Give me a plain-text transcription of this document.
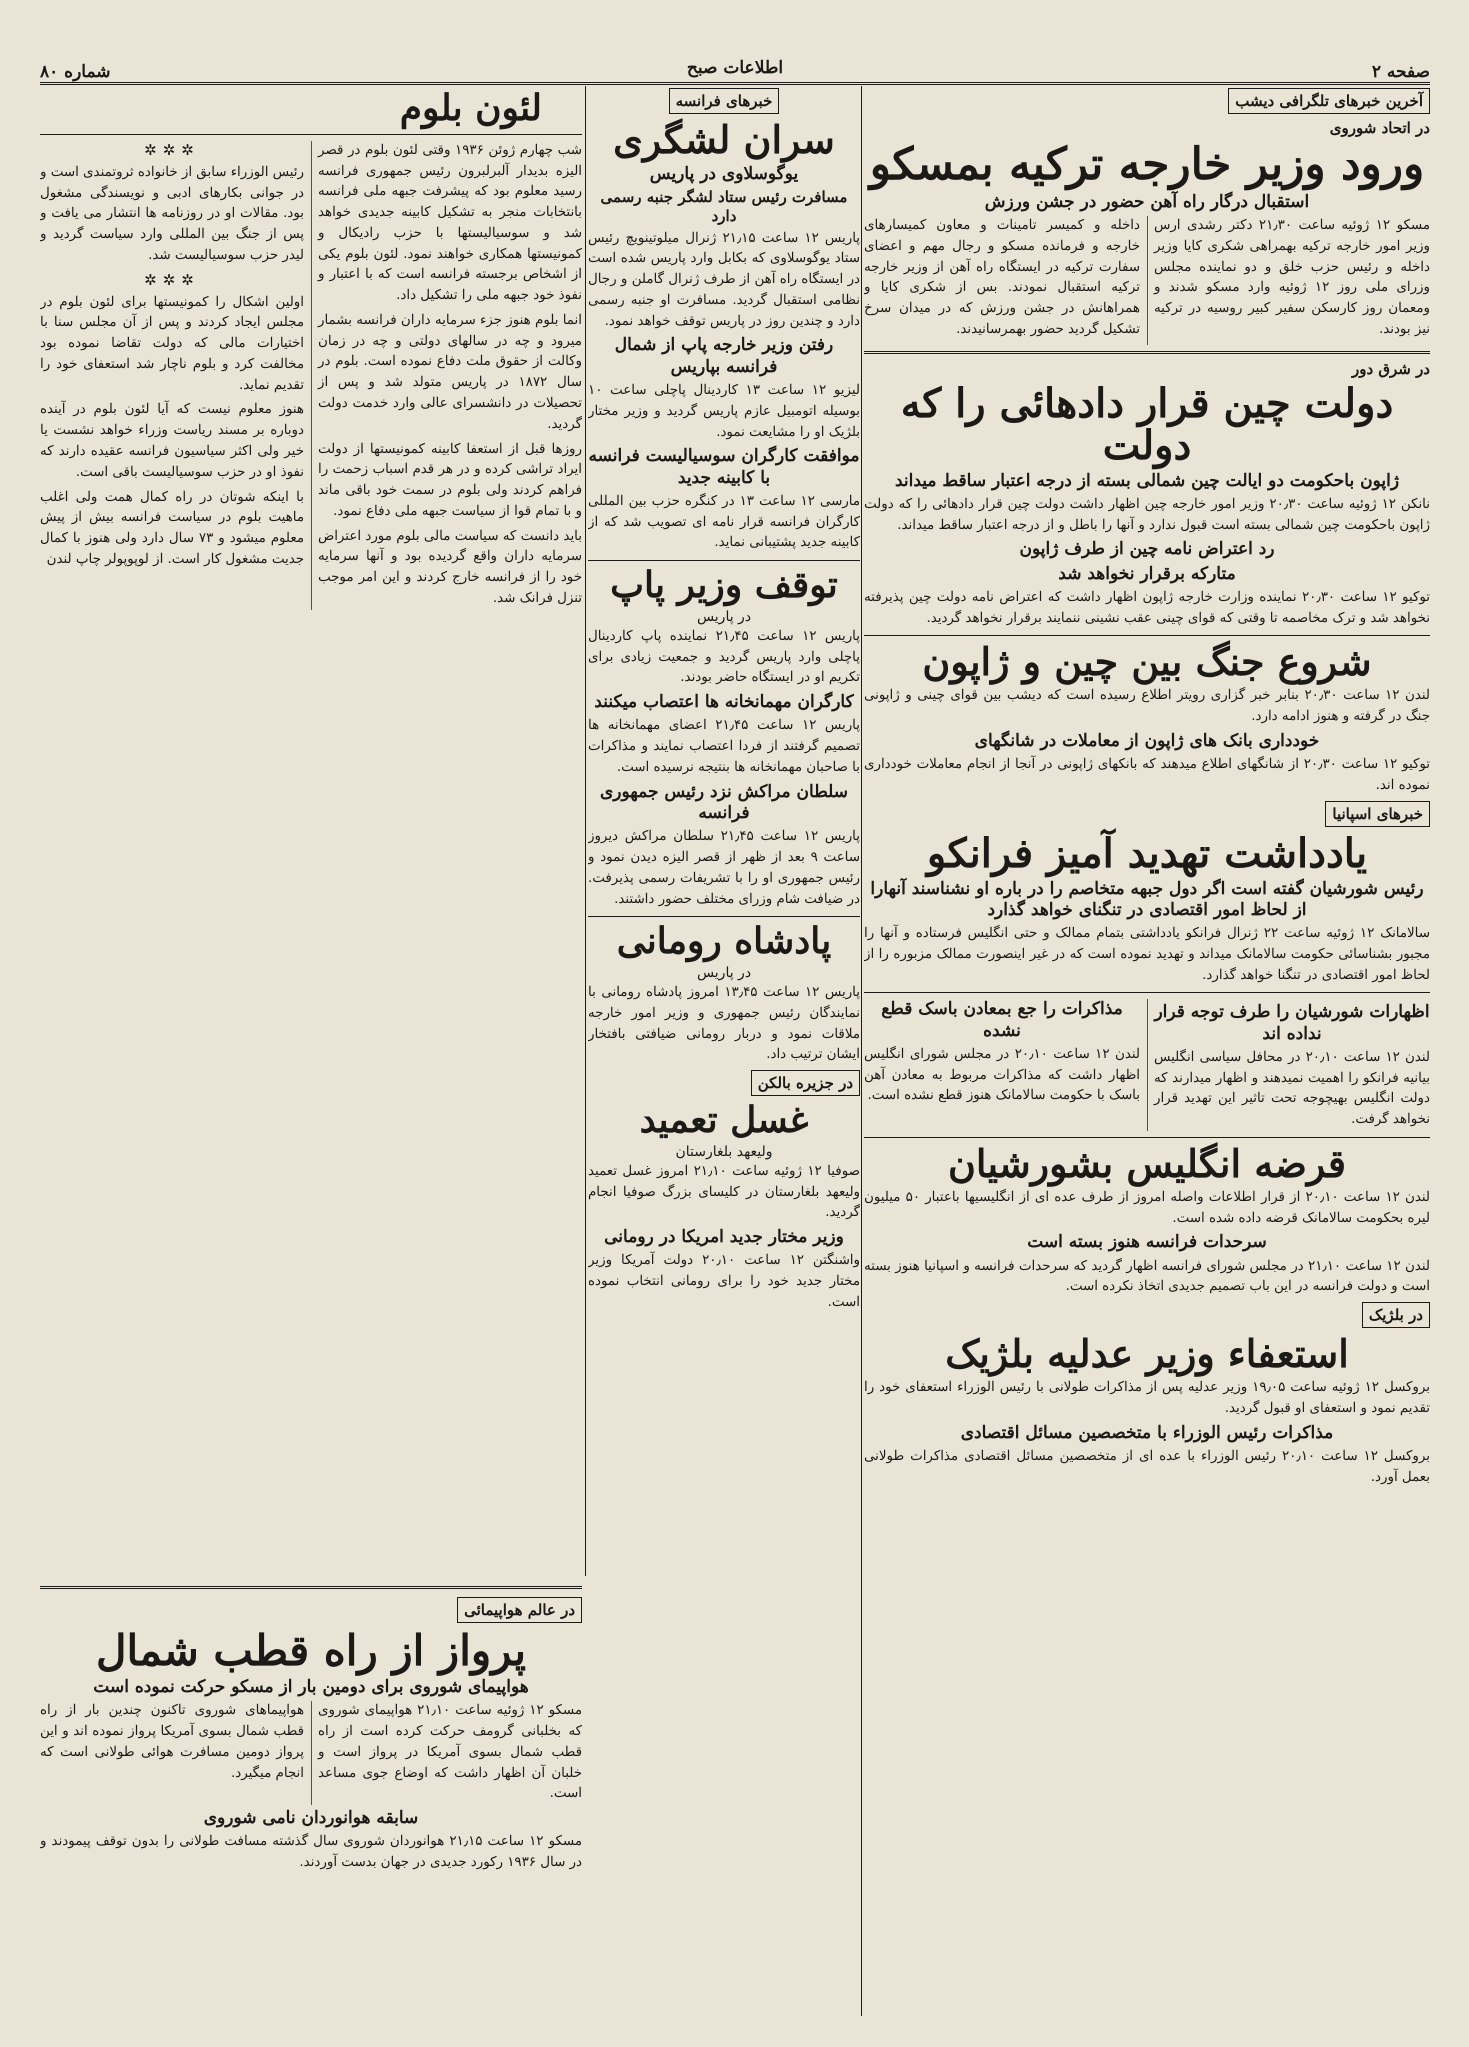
صفحه ۲
اطلاعات صبح
شماره ۸۰
آخرین خبرهای تلگرافی دیشب
در اتحاد شوروی
ورود وزیر خارجه ترکیه بمسکو
استقبال درگار راه آهن حضور در جشن ورزش

مسکو ۱۲ ژوئیه ساعت ۲۱٫۳۰ دکتر رشدی ارس وزیر امور خارجه ترکیه بهمراهی شکری کایا وزیر داخله و رئیس حزب خلق و دو نماینده مجلس وزرای ملی روز ۱۲ ژوئیه وارد مسکو شدند و ومعمان روز کارسکن سفیر کبیر روسیه در ترکیه نیز بودند.

داخله و کمیسر تامینات و معاون کمیسارهای خارجه و فرمانده مسکو و رجال مهم و اعضای سفارت ترکیه در ایستگاه راه آهن از وزیر خارجه ترکیه استقبال نمودند. بس از شکری کایا و همراهانش در جشن ورزش که در میدان سرخ تشکیل گردید حضور بهمرسانیدند.

در شرق دور
دولت چین قرار دادهائی را که دولت
ژاپون باحکومت دو ایالت چین شمالی بسته از درجه اعتبار ساقط میداند

نانکن ۱۲ ژوئیه ساعت ۲۰٫۳۰ وزیر امور خارجه چین اظهار داشت دولت چین قرار دادهائی را که دولت ژاپون باحکومت چین شمالی بسته است قبول ندارد و آنها را باطل و از درجه اعتبار ساقط میداند.

رد اعتراض نامه چین از طرف ژاپون
متارکه برقرار نخواهد شد

توکیو ۱۲ ساعت ۲۰٫۳۰ نماینده وزارت خارجه ژاپون اظهار داشت که اعتراض نامه دولت چین پذیرفته نخواهد شد و ترک مخاصمه تا وقتی که قوای چینی عقب نشینی ننمایند برقرار نخواهد گردید.

شروع جنگ بین چین و ژاپون

لندن ۱۲ ساعت ۲۰٫۳۰ بنابر خبر گزاری رویتر اطلاع رسیده است که دیشب بین قوای چینی و ژاپونی جنگ در گرفته و هنوز ادامه دارد.

خودداری بانک های ژاپون از معاملات در شانگهای

توکیو ۱۲ ساعت ۲۰٫۳۰ از شانگهای اطلاع میدهند که بانکهای ژاپونی در آنجا از انجام معاملات خودداری نموده اند.

خبرهای اسپانیا
یادداشت تهدید آمیز فرانکو
رئیس شورشیان گفته است اگر دول جبهه متخاصم را در باره او نشناسند آنهارا از لحاظ امور اقتصادی در تنگنای خواهد گذارد

سالامانک ۱۲ ژوئیه ساعت ۲۲ ژنرال فرانکو یادداشتی بتمام ممالک و حتی انگلیس فرستاده و آنها را مجبور بشناسائی حکومت سالامانک میداند و تهدید نموده است که در غیر اینصورت ممالک مزبوره را از لحاظ امور اقتصادی در تنگنا خواهد گذارد.

اظهارات شورشیان را طرف توجه قرار نداده اند

لندن ۱۲ ساعت ۲۰٫۱۰ در محافل سیاسی انگلیس بیانیه فرانکو را اهمیت نمیدهند و اظهار میدارند که دولت انگلیس بهیچوجه تحت تاثیر این تهدید قرار نخواهد گرفت.

مذاکرات را جع بمعادن باسک قطع نشده

لندن ۱۲ ساعت ۲۰٫۱۰ در مجلس شورای انگلیس اظهار داشت که مذاکرات مربوط به معادن آهن باسک با حکومت سالامانک هنوز قطع نشده است.

قرضه انگلیس بشورشیان

لندن ۱۲ ساعت ۲۰٫۱۰ از قرار اطلاعات واصله امروز از طرف عده ای از انگلیسیها باعتبار ۵۰ میلیون لیره بحکومت سالامانک قرضه داده شده است.

سرحدات فرانسه هنوز بسته است

لندن ۱۲ ساعت ۲۱٫۱۰ در مجلس شورای فرانسه اظهار گردید که سرحدات فرانسه و اسپانیا هنوز بسته است و دولت فرانسه در این باب تصمیم جدیدی اتخاذ نکرده است.

در بلژیک
استعفاء وزیر عدلیه بلژیک

بروکسل ۱۲ ژوئیه ساعت ۱۹٫۰۵ وزیر عدلیه پس از مذاکرات طولانی با رئیس الوزراء استعفای خود را تقدیم نمود و استعفای او قبول گردید.

مذاکرات رئیس الوزراء با متخصصین مسائل اقتصادی

بروکسل ۱۲ ساعت ۲۰٫۱۰ رئیس الوزراء با عده ای از متخصصین مسائل اقتصادی مذاکرات طولانی بعمل آورد.

خبرهای فرانسه
سران لشگری
یوگوسلاوی در پاریس
مسافرت رئیس ستاد لشگر جنبه رسمی دارد

پاریس ۱۲ ساعت ۲۱٫۱۵ ژنرال میلوتینویچ رئیس ستاد یوگوسلاوی که بکابل وارد پاریس شده است در ایستگاه راه آهن از طرف ژنرال گاملن و رجال نظامی استقبال گردید. مسافرت او جنبه رسمی دارد و چندین روز در پاریس توقف خواهد نمود.

رفتن وزیر خارجه پاپ از شمال فرانسه بپاریس

لیزیو ۱۲ ساعت ۱۳ کاردینال پاچلی ساعت ۱۰ بوسیله اتومبیل عازم پاریس گردید و وزیر مختار بلژیک او را مشایعت نمود.

موافقت کارگران سوسیالیست فرانسه با کابینه جدید

مارسی ۱۲ ساعت ۱۳ در کنگره حزب بین المللی کارگران فرانسه قرار نامه ای تصویب شد که از کابینه جدید پشتیبانی نماید.

توقف وزیر پاپ
در پاریس

پاریس ۱۲ ساعت ۲۱٫۴۵ نماینده پاپ کاردینال پاچلی وارد پاریس گردید و جمعیت زیادی برای تکریم او در ایستگاه حاضر بودند.

کارگران مهمانخانه ها اعتصاب میکنند

پاریس ۱۲ ساعت ۲۱٫۴۵ اعضای مهمانخانه ها تصمیم گرفتند از فردا اعتصاب نمایند و مذاکرات با صاحبان مهمانخانه ها بنتیجه نرسیده است.

سلطان مراکش نزد رئیس جمهوری فرانسه

پاریس ۱۲ ساعت ۲۱٫۴۵ سلطان مراکش دیروز ساعت ۹ بعد از ظهر از قصر الیزه دیدن نمود و رئیس جمهوری او را با تشریفات رسمی پذیرفت. در ضیافت شام وزرای مختلف حضور داشتند.

پادشاه رومانی
در پاریس

پاریس ۱۲ ساعت ۱۳٫۴۵ امروز پادشاه رومانی با نمایندگان رئیس جمهوری و وزیر امور خارجه ملاقات نمود و دربار رومانی ضیافتی بافتخار ایشان ترتیب داد.

در جزیره بالکن
غسل تعمید
ولیعهد بلغارستان

صوفیا ۱۲ ژوئیه ساعت ۲۱٫۱۰ امروز غسل تعمید ولیعهد بلغارستان در کلیسای بزرگ صوفیا انجام گردید.

وزیر مختار جدید امریکا در رومانی

واشنگتن ۱۲ ساعت ۲۰٫۱۰ دولت آمریکا وزیر مختار جدید خود را برای رومانی انتخاب نموده است.

لئون بلوم

شب چهارم ژوئن ۱۹۳۶ وقتی لئون بلوم در قصر الیزه بدیدار آلبرلبرون رئیس جمهوری فرانسه رسید معلوم بود که پیشرفت جبهه ملی فرانسه بانتخابات منجر به تشکیل کابینه جدیدی خواهد شد و سوسیالیستها با حزب رادیکال و کمونیستها همکاری خواهند نمود. لئون بلوم یکی از اشخاص برجسته فرانسه است که با اعتبار و نفوذ خود جبهه ملی را تشکیل داد.

انما بلوم هنوز جزء سرمایه داران فرانسه بشمار میرود و چه در سالهای دولتی و چه در زمان وکالت از حقوق ملت دفاع نموده است. بلوم در سال ۱۸۷۲ در پاریس متولد شد و پس از تحصیلات در دانشسرای عالی وارد خدمت دولت گردید.

روزها قبل از استعفا کابینه کمونیستها از دولت ایراد تراشی کرده و در هر قدم اسباب زحمت را فراهم کردند ولی بلوم در سمت خود باقی ماند و با تمام قوا از سیاست جبهه ملی دفاع نمود.

باید دانست که سیاست مالی بلوم مورد اعتراض سرمایه داران واقع گردیده بود و آنها سرمایه خود را از فرانسه خارج کردند و این امر موجب تنزل فرانک شد.

✲✲✲

رئیس الوزراء سابق از خانواده ثروتمندی است و در جوانی بکارهای ادبی و نویسندگی مشغول بود. مقالات او در روزنامه ها انتشار می یافت و پس از جنگ بین المللی وارد سیاست گردید و لیدر حزب سوسیالیست شد.

✲✲✲

اولین اشکال را کمونیستها برای لئون بلوم در مجلس ایجاد کردند و پس از آن مجلس سنا با اختیارات مالی که دولت تقاضا نموده بود مخالفت کرد و بلوم ناچار شد استعفای خود را تقدیم نماید.

هنوز معلوم نیست که آیا لئون بلوم در آینده دوباره بر مسند ریاست وزراء خواهد نشست یا خیر ولی اکثر سیاسیون فرانسه عقیده دارند که نفوذ او در حزب سوسیالیست باقی است.

با اینکه شوتان در راه کمال همت ولی اغلب ماهیت بلوم در سیاست فرانسه بیش از پیش معلوم میشود و ۷۳ سال دارد ولی هنوز با کمال جدیت مشغول کار است. از لوپوپولر چاپ لندن

در عالم هواپیمائی
پرواز از راه قطب شمال
هواپیمای شوروی برای دومین بار از مسکو حرکت نموده است

مسکو ۱۲ ژوئیه ساعت ۲۱٫۱۰ هواپیمای شوروی که بخلبانی گرومف حرکت کرده است از راه قطب شمال بسوی آمریکا در پرواز است و خلبان آن اظهار داشت که اوضاع جوی مساعد است.

هواپیماهای شوروی تاکنون چندین بار از راه قطب شمال بسوی آمریکا پرواز نموده اند و این پرواز دومین مسافرت هوائی طولانی است که انجام میگیرد.

سابقه هوانوردان نامی شوروی

مسکو ۱۲ ساعت ۲۱٫۱۵ هوانوردان شوروی سال گذشته مسافت طولانی را بدون توقف پیمودند و در سال ۱۹۳۶ رکورد جدیدی در جهان بدست آوردند.
